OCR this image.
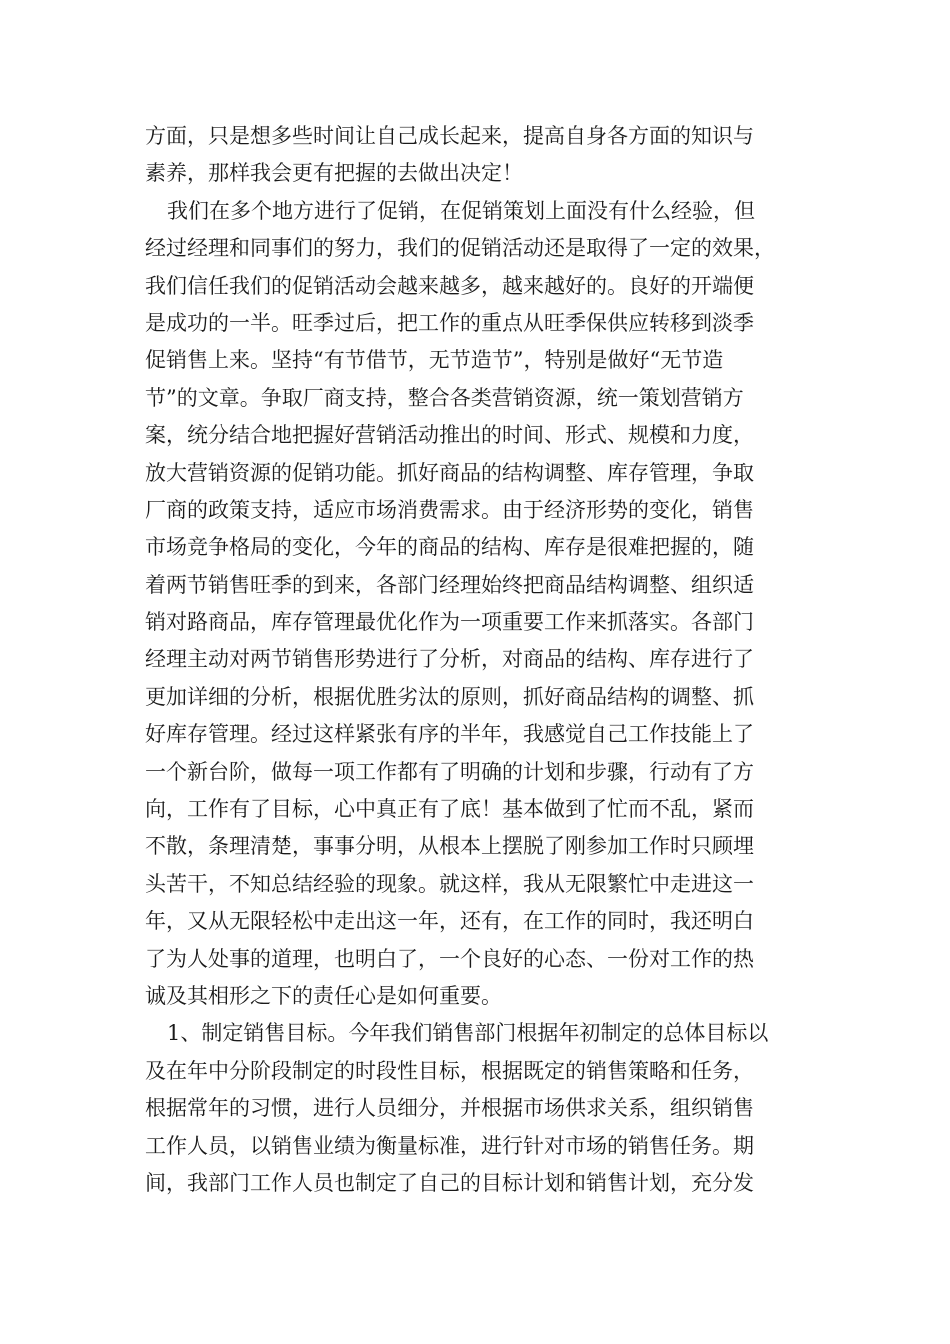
方面，只是想多些时间让自己成长起来，提高自身各方面的知识与
素养，那样我会更有把握的去做出决定！
我们在多个地方进行了促销，在促销策划上面没有什么经验，但
经过经理和同事们的努力，我们的促销活动还是取得了一定的效果，
我们信任我们的促销活动会越来越多，越来越好的。良好的开端便
是成功的一半。旺季过后，把工作的重点从旺季保供应转移到淡季
促销售上来。坚持“有节借节，无节造节”，特别是做好“无节造
节”的文章。争取厂商支持，整合各类营销资源，统一策划营销方
案，统分结合地把握好营销活动推出的时间、形式、规模和力度，
放大营销资源的促销功能。抓好商品的结构调整、库存管理，争取
厂商的政策支持，适应市场消费需求。由于经济形势的变化，销售
市场竞争格局的变化，今年的商品的结构、库存是很难把握的，随
着两节销售旺季的到来，各部门经理始终把商品结构调整、组织适
销对路商品，库存管理最优化作为一项重要工作来抓落实。各部门
经理主动对两节销售形势进行了分析，对商品的结构、库存进行了
更加详细的分析，根据优胜劣汰的原则，抓好商品结构的调整、抓
好库存管理。经过这样紧张有序的半年，我感觉自己工作技能上了
一个新台阶，做每一项工作都有了明确的计划和步骤，行动有了方
向，工作有了目标，心中真正有了底！基本做到了忙而不乱，紧而
不散，条理清楚，事事分明，从根本上摆脱了刚参加工作时只顾埋
头苦干，不知总结经验的现象。就这样，我从无限繁忙中走进这一
年，又从无限轻松中走出这一年，还有，在工作的同时，我还明白
了为人处事的道理，也明白了，一个良好的心态、一份对工作的热
诚及其相形之下的责任心是如何重要。
1、制定销售目标。今年我们销售部门根据年初制定的总体目标以
及在年中分阶段制定的时段性目标，根据既定的销售策略和任务，
根据常年的习惯，进行人员细分，并根据市场供求关系，组织销售
工作人员，以销售业绩为衡量标准，进行针对市场的销售任务。期
间，我部门工作人员也制定了自己的目标计划和销售计划，充分发
